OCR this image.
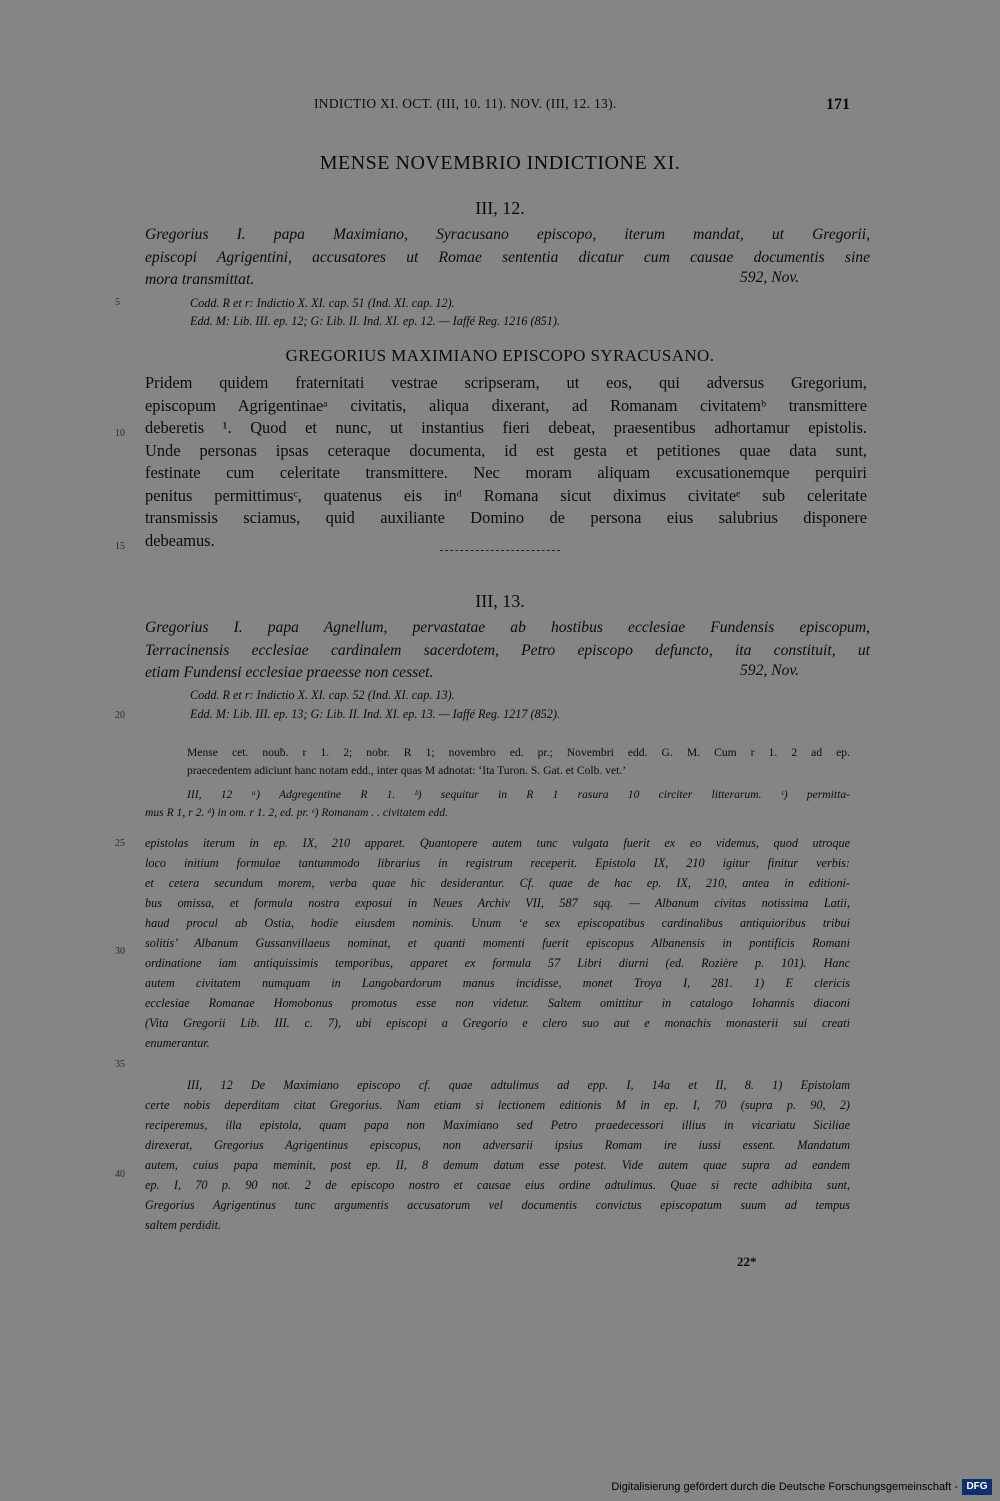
INDICTIO XI. OCT. (III, 10. 11). NOV. (III, 12. 13).	171
MENSE NOVEMBRIO INDICTIONE XI.
III, 12.
Gregorius I. papa Maximiano, Syracusano episcopo, iterum mandat, ut Gregorii,
episcopi Agrigentini, accusatores ut Romae sententia dicatur cum causae documentis sine
mora transmittat.	592, Nov.
Codd. R et r: Indictio X. XI. cap. 51 (Ind. XI. cap. 12).
Edd. M: Lib. III. ep. 12; G: Lib. II. Ind. XI. ep. 12. — Iaffé Reg. 1216 (851).
GREGORIUS MAXIMIANO EPISCOPO SYRACUSANO.
Pridem quidem fraternitati vestrae scripseram, ut eos, qui adversus Gregorium,
episcopum Agrigentinaeᵃ civitatis, aliqua dixerant, ad Romanam civitatemᵇ transmittere
deberetis ¹. Quod et nunc, ut instantius fieri debeat, praesentibus adhortamur epistolis.
Unde personas ipsas ceteraque documenta, id est gesta et petitiones quae data sunt,
festinate cum celeritate transmittere. Nec moram aliquam excusationemque perquiri
penitus permittimusᶜ, quatenus eis inᵈ Romana sicut diximus civitateᵉ sub celeritate
transmissis sciamus, quid auxiliante Domino de persona eius salubrius disponere
debeamus.
III, 13.
Gregorius I. papa Agnellum, pervastatae ab hostibus ecclesiae Fundensis episcopum,
Terracinensis ecclesiae cardinalem sacerdotem, Petro episcopo defuncto, ita constituit, ut
etiam Fundensi ecclesiae praeesse non cesset.	592, Nov.
Codd. R et r: Indictio X. XI. cap. 52 (Ind. XI. cap. 13).
Edd. M: Lib. III. ep. 13; G: Lib. II. Ind. XI. ep. 13. — Iaffé Reg. 1217 (852).
Mense cet. nouḃ. r 1. 2; nobr. R 1; novembro ed. pr.; Novembri edd. G. M. Cum r 1. 2 ad ep.
praecedentem adiciunt hanc notam edd., inter quas M adnotat: ‘Ita Turon. S. Gat. et Colb. vet.’
III, 12 ᵃ) Adgregentine R 1. ᵇ) sequitur in R 1 rasura 10 circiter litterarum. ᶜ) permitta-
mus R 1, r 2. ᵈ) in om. r 1. 2, ed. pr. ᵉ) Romanam . . civitatem edd.
epistolas iterum in ep. IX, 210 apparet. Quantopere autem tunc vulgata fuerit ex eo videmus, quod utroque
loco initium formulae tantummodo librarius in registrum receperit. Epistola IX, 210 igitur finitur verbis:
et cetera secundum morem, verba quae hic desiderantur. Cf. quae de hac ep. IX, 210, antea in editioni-
bus omissa, et formula nostra exposui in Neues Archiv VII, 587 sqq. — Albanum civitas notissima Latii,
haud procul ab Ostia, hodie eiusdem nominis. Unum ‘e sex episcopatibus cardinalibus antiquioribus tribui
solitis’ Albanum Gussanvillaeus nominat, et quanti momenti fuerit episcopus Albanensis in pontificis Romani
ordinatione iam antiquissimis temporibus, apparet ex formula 57 Libri diurni (ed. Rozière p. 101). Hanc
autem civitatem numquam in Langobardorum manus incidisse, monet Troya I, 281. 1) E clericis
ecclesiae Romanae Homobonus promotus esse non videtur. Saltem omittitur in catalogo Iohannis diaconi
(Vita Gregorii Lib. III. c. 7), ubi episcopi a Gregorio e clero suo aut e monachis monasterii sui creati
enumerantur.
III, 12 De Maximiano episcopo cf. quae adtulimus ad epp. I, 14a et II, 8. 1) Epistolam
certe nobis deperditam citat Gregorius. Nam etiam si lectionem editionis M in ep. I, 70 (supra p. 90, 2)
reciperemus, illa epistola, quam papa non Maximiano sed Petro praedecessori illius in vicariatu Siciliae
direxerat, Gregorius Agrigentinus episcopus, non adversarii ipsius Romam ire iussi essent. Mandatum
autem, cuius papa meminit, post ep. II, 8 demum datum esse potest. Vide autem quae supra ad eandem
ep. I, 70 p. 90 not. 2 de episcopo nostro et causae eius ordine adtulimus. Quae si recte adhibita sunt,
Gregorius Agrigentinus tunc argumentis accusatorum vel documentis convictus episcopatum suum ad tempus
saltem perdidit.
5
10
15
20
25
30
35
40
22*
Digitalisierung gefördert durch die Deutsche Forschungsgemeinschaft - DFG
